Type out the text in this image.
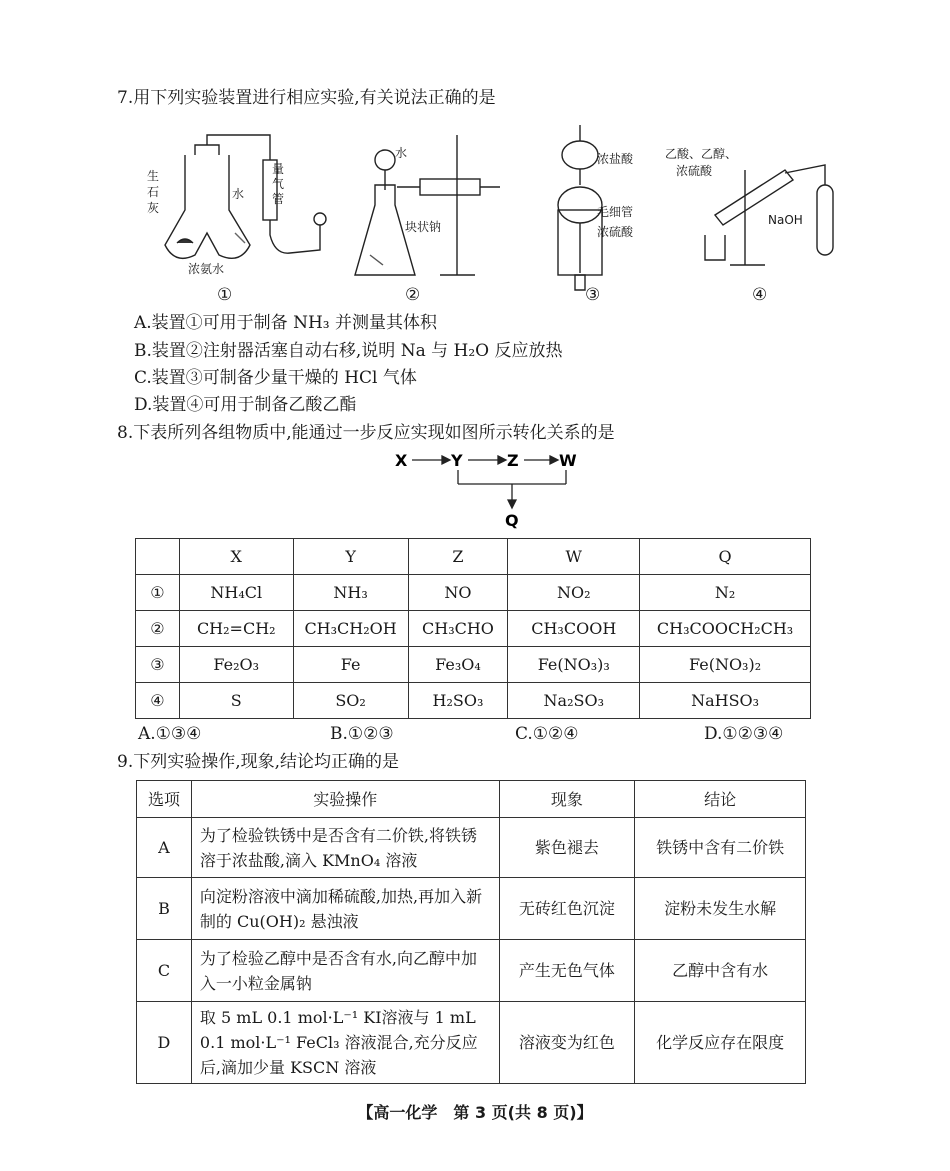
7.用下列实验装置进行相应实验,有关说法正确的是
生石灰
水
量气管
浓氨水
水
块状钠
浓盐酸
毛细管
浓硫酸
乙酸、乙醇、
浓硫酸
NaOH
①	②	③	④
A.装置①可用于制备 NH₃ 并测量其体积
B.装置②注射器活塞自动右移,说明 Na 与 H₂O 反应放热
C.装置③可制备少量干燥的 HCl 气体
D.装置④可用于制备乙酸乙酯
8.下表所列各组物质中,能通过一步反应实现如图所示转化关系的是
X	Y	Z	W
Q
	X	Y	Z	W	Q
①	NH₄Cl	NH₃	NO	NO₂	N₂
②	CH₂=CH₂	CH₃CH₂OH	CH₃CHO	CH₃COOH	CH₃COOCH₂CH₃
③	Fe₂O₃	Fe	Fe₃O₄	Fe(NO₃)₃	Fe(NO₃)₂
④	S	SO₂	H₂SO₃	Na₂SO₃	NaHSO₃
A.①③④	B.①②③	C.①②④	D.①②③④
9.下列实验操作,现象,结论均正确的是
选项	实验操作	现象	结论
A	为了检验铁锈中是否含有二价铁,将铁锈溶于浓盐酸,滴入 KMnO₄ 溶液	紫色褪去	铁锈中含有二价铁
B	向淀粉溶液中滴加稀硫酸,加热,再加入新制的 Cu(OH)₂ 悬浊液	无砖红色沉淀	淀粉未发生水解
C	为了检验乙醇中是否含有水,向乙醇中加入一小粒金属钠	产生无色气体	乙醇中含有水
D	取 5 mL 0.1 mol·L⁻¹ KI溶液与 1 mL 0.1 mol·L⁻¹ FeCl₃ 溶液混合,充分反应后,滴加少量 KSCN 溶液	溶液变为红色	化学反应存在限度
【高一化学　第 3 页(共 8 页)】
